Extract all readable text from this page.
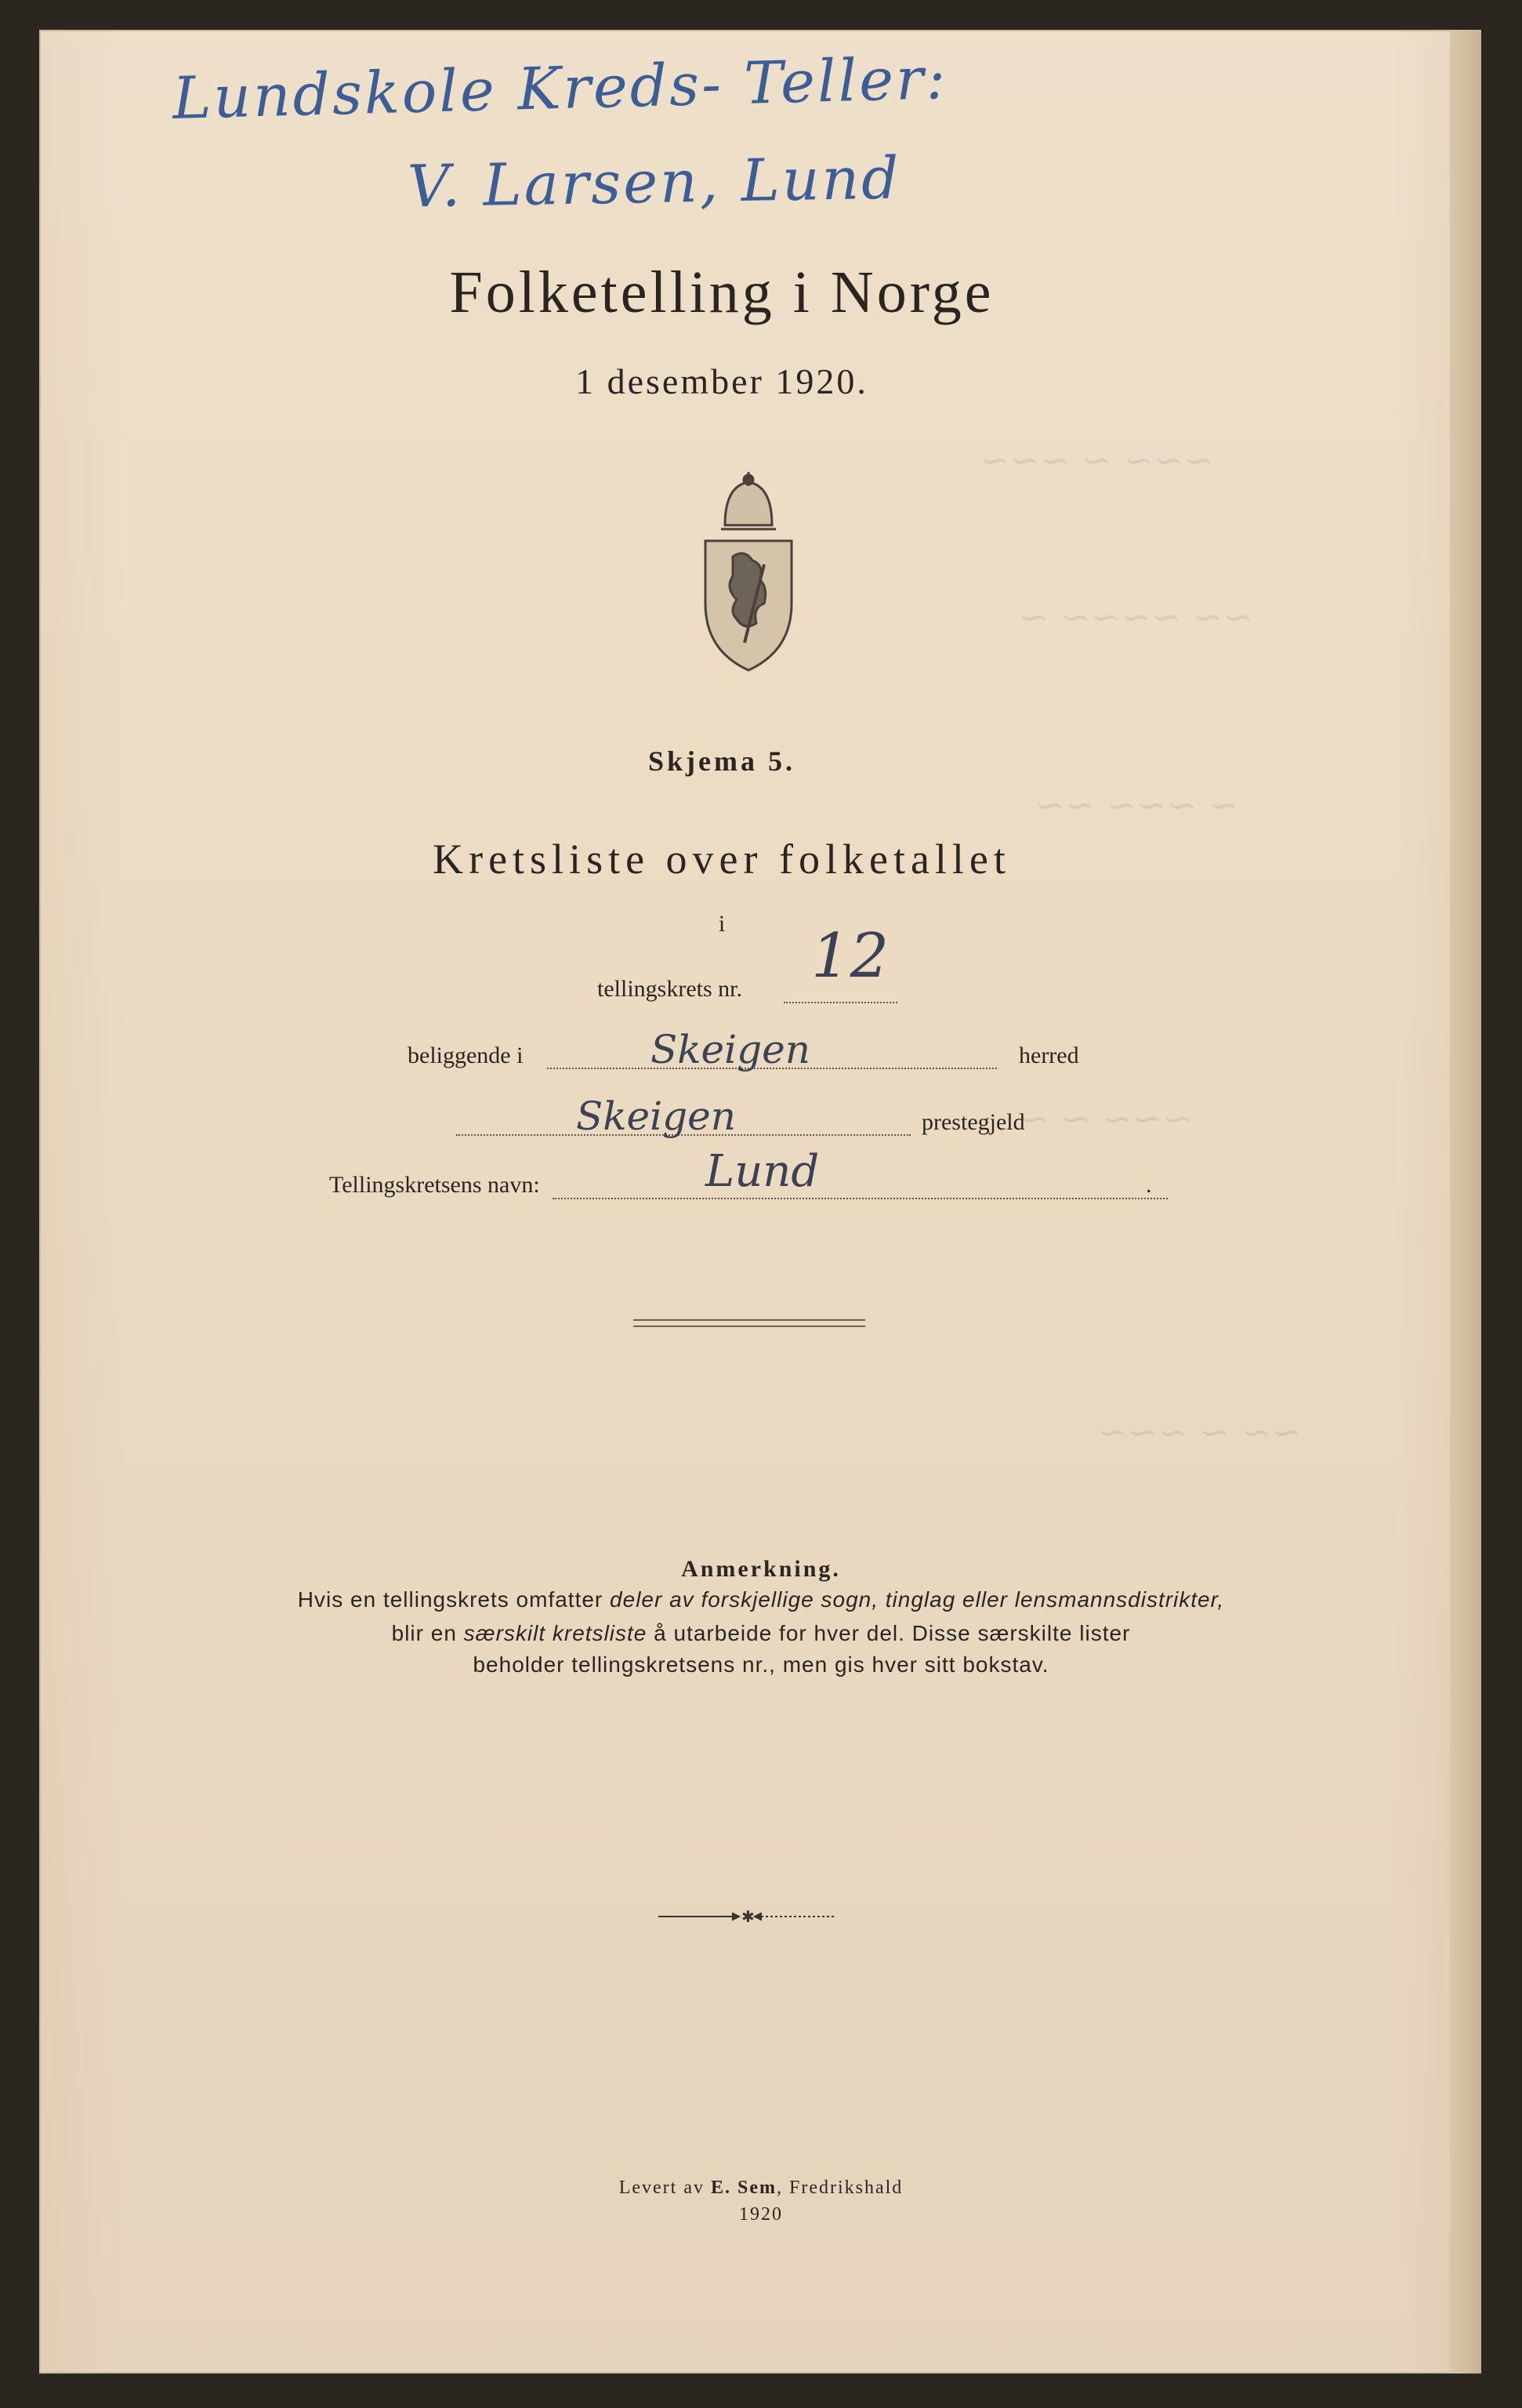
~~~ ~ ~~~
~~ ~~~~ ~
~ ~~~ ~~
~~~ ~ ~
~~ ~ ~~~
Lundskole Kreds- Teller:
V. Larsen, Lund
Folketelling i Norge
1 desember 1920.
Skjema 5.
Kretsliste over folketallet
i
tellingskrets nr. 12
beliggende i	Skeigen	herred
Skeigen	prestegjeld
Tellingskretsens navn:	Lund	.
Anmerkning.
Hvis en tellingskrets omfatter deler av forskjellige sogn, tinglag eller lensmannsdistrikter,
blir en særskilt kretsliste å utarbeide for hver del. Disse særskilte lister
beholder tellingskretsens nr., men gis hver sitt bokstav.
✱
Levert av E. Sem, Fredrikshald
1920
